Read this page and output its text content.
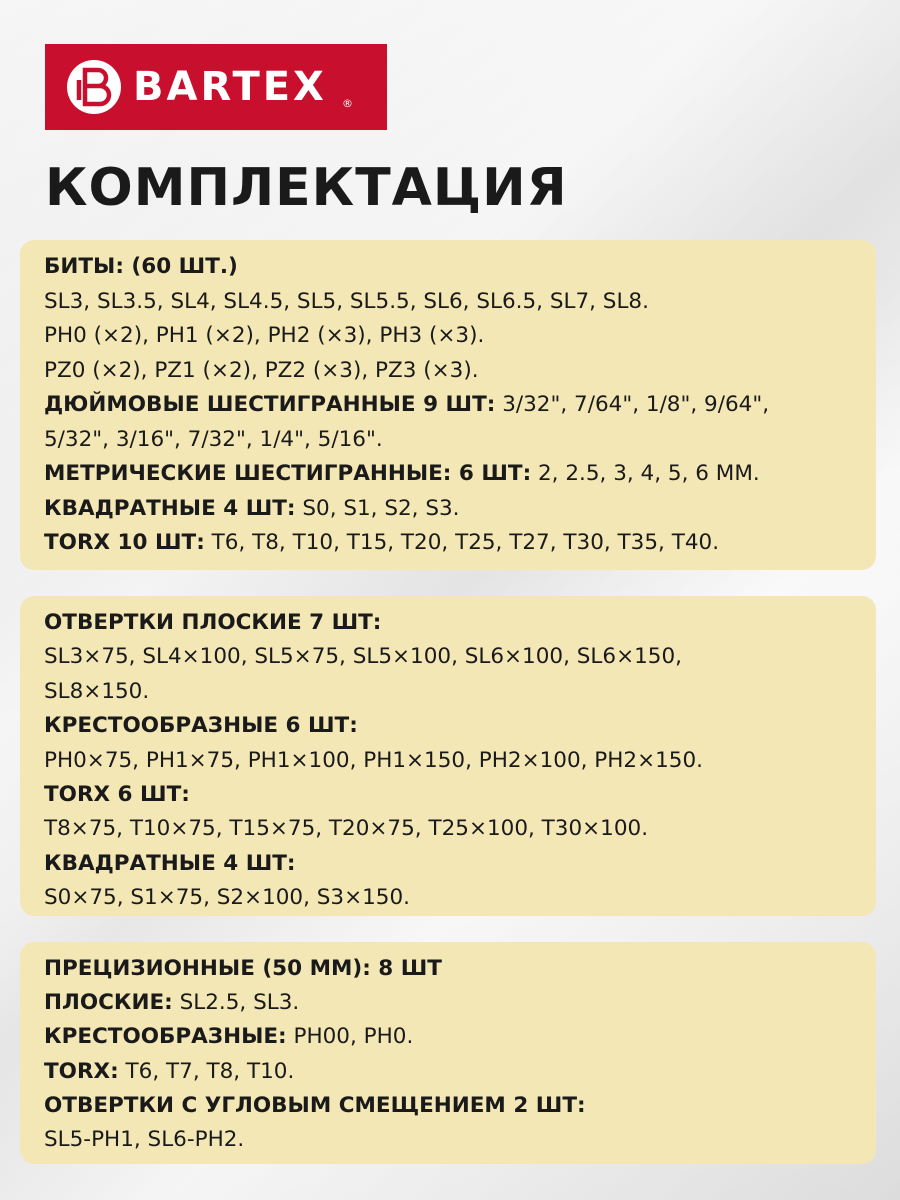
BARTEX ®
КОМПЛЕКТАЦИЯ
БИТЫ: (60 ШТ.)
SL3, SL3.5, SL4, SL4.5, SL5, SL5.5, SL6, SL6.5, SL7, SL8.
PH0 (×2), PH1 (×2), PH2 (×3), PH3 (×3).
PZ0 (×2), PZ1 (×2), PZ2 (×3), PZ3 (×3).
ДЮЙМОВЫЕ ШЕСТИГРАННЫЕ 9 ШТ: 3/32", 7/64", 1/8", 9/64",
5/32", 3/16", 7/32", 1/4", 5/16".
МЕТРИЧЕСКИЕ ШЕСТИГРАННЫЕ: 6 ШТ: 2, 2.5, 3, 4, 5, 6 ММ.
КВАДРАТНЫЕ 4 ШТ: S0, S1, S2, S3.
TORX 10 ШТ: T6, T8, T10, T15, T20, T25, T27, T30, T35, T40.
ОТВЕРТКИ ПЛОСКИЕ 7 ШТ:
SL3×75, SL4×100, SL5×75, SL5×100, SL6×100, SL6×150,
SL8×150.
КРЕСТООБРАЗНЫЕ 6 ШТ:
PH0×75, PH1×75, PH1×100, PH1×150, PH2×100, PH2×150.
TORX 6 ШТ:
T8×75, T10×75, T15×75, T20×75, T25×100, T30×100.
КВАДРАТНЫЕ 4 ШТ:
S0×75, S1×75, S2×100, S3×150.
ПРЕЦИЗИОННЫЕ (50 ММ): 8 ШТ
ПЛОСКИЕ: SL2.5, SL3.
КРЕСТООБРАЗНЫЕ: PH00, PH0.
TORX: T6, T7, T8, T10.
ОТВЕРТКИ С УГЛОВЫМ СМЕЩЕНИЕМ 2 ШТ:
SL5-PH1, SL6-PH2.
